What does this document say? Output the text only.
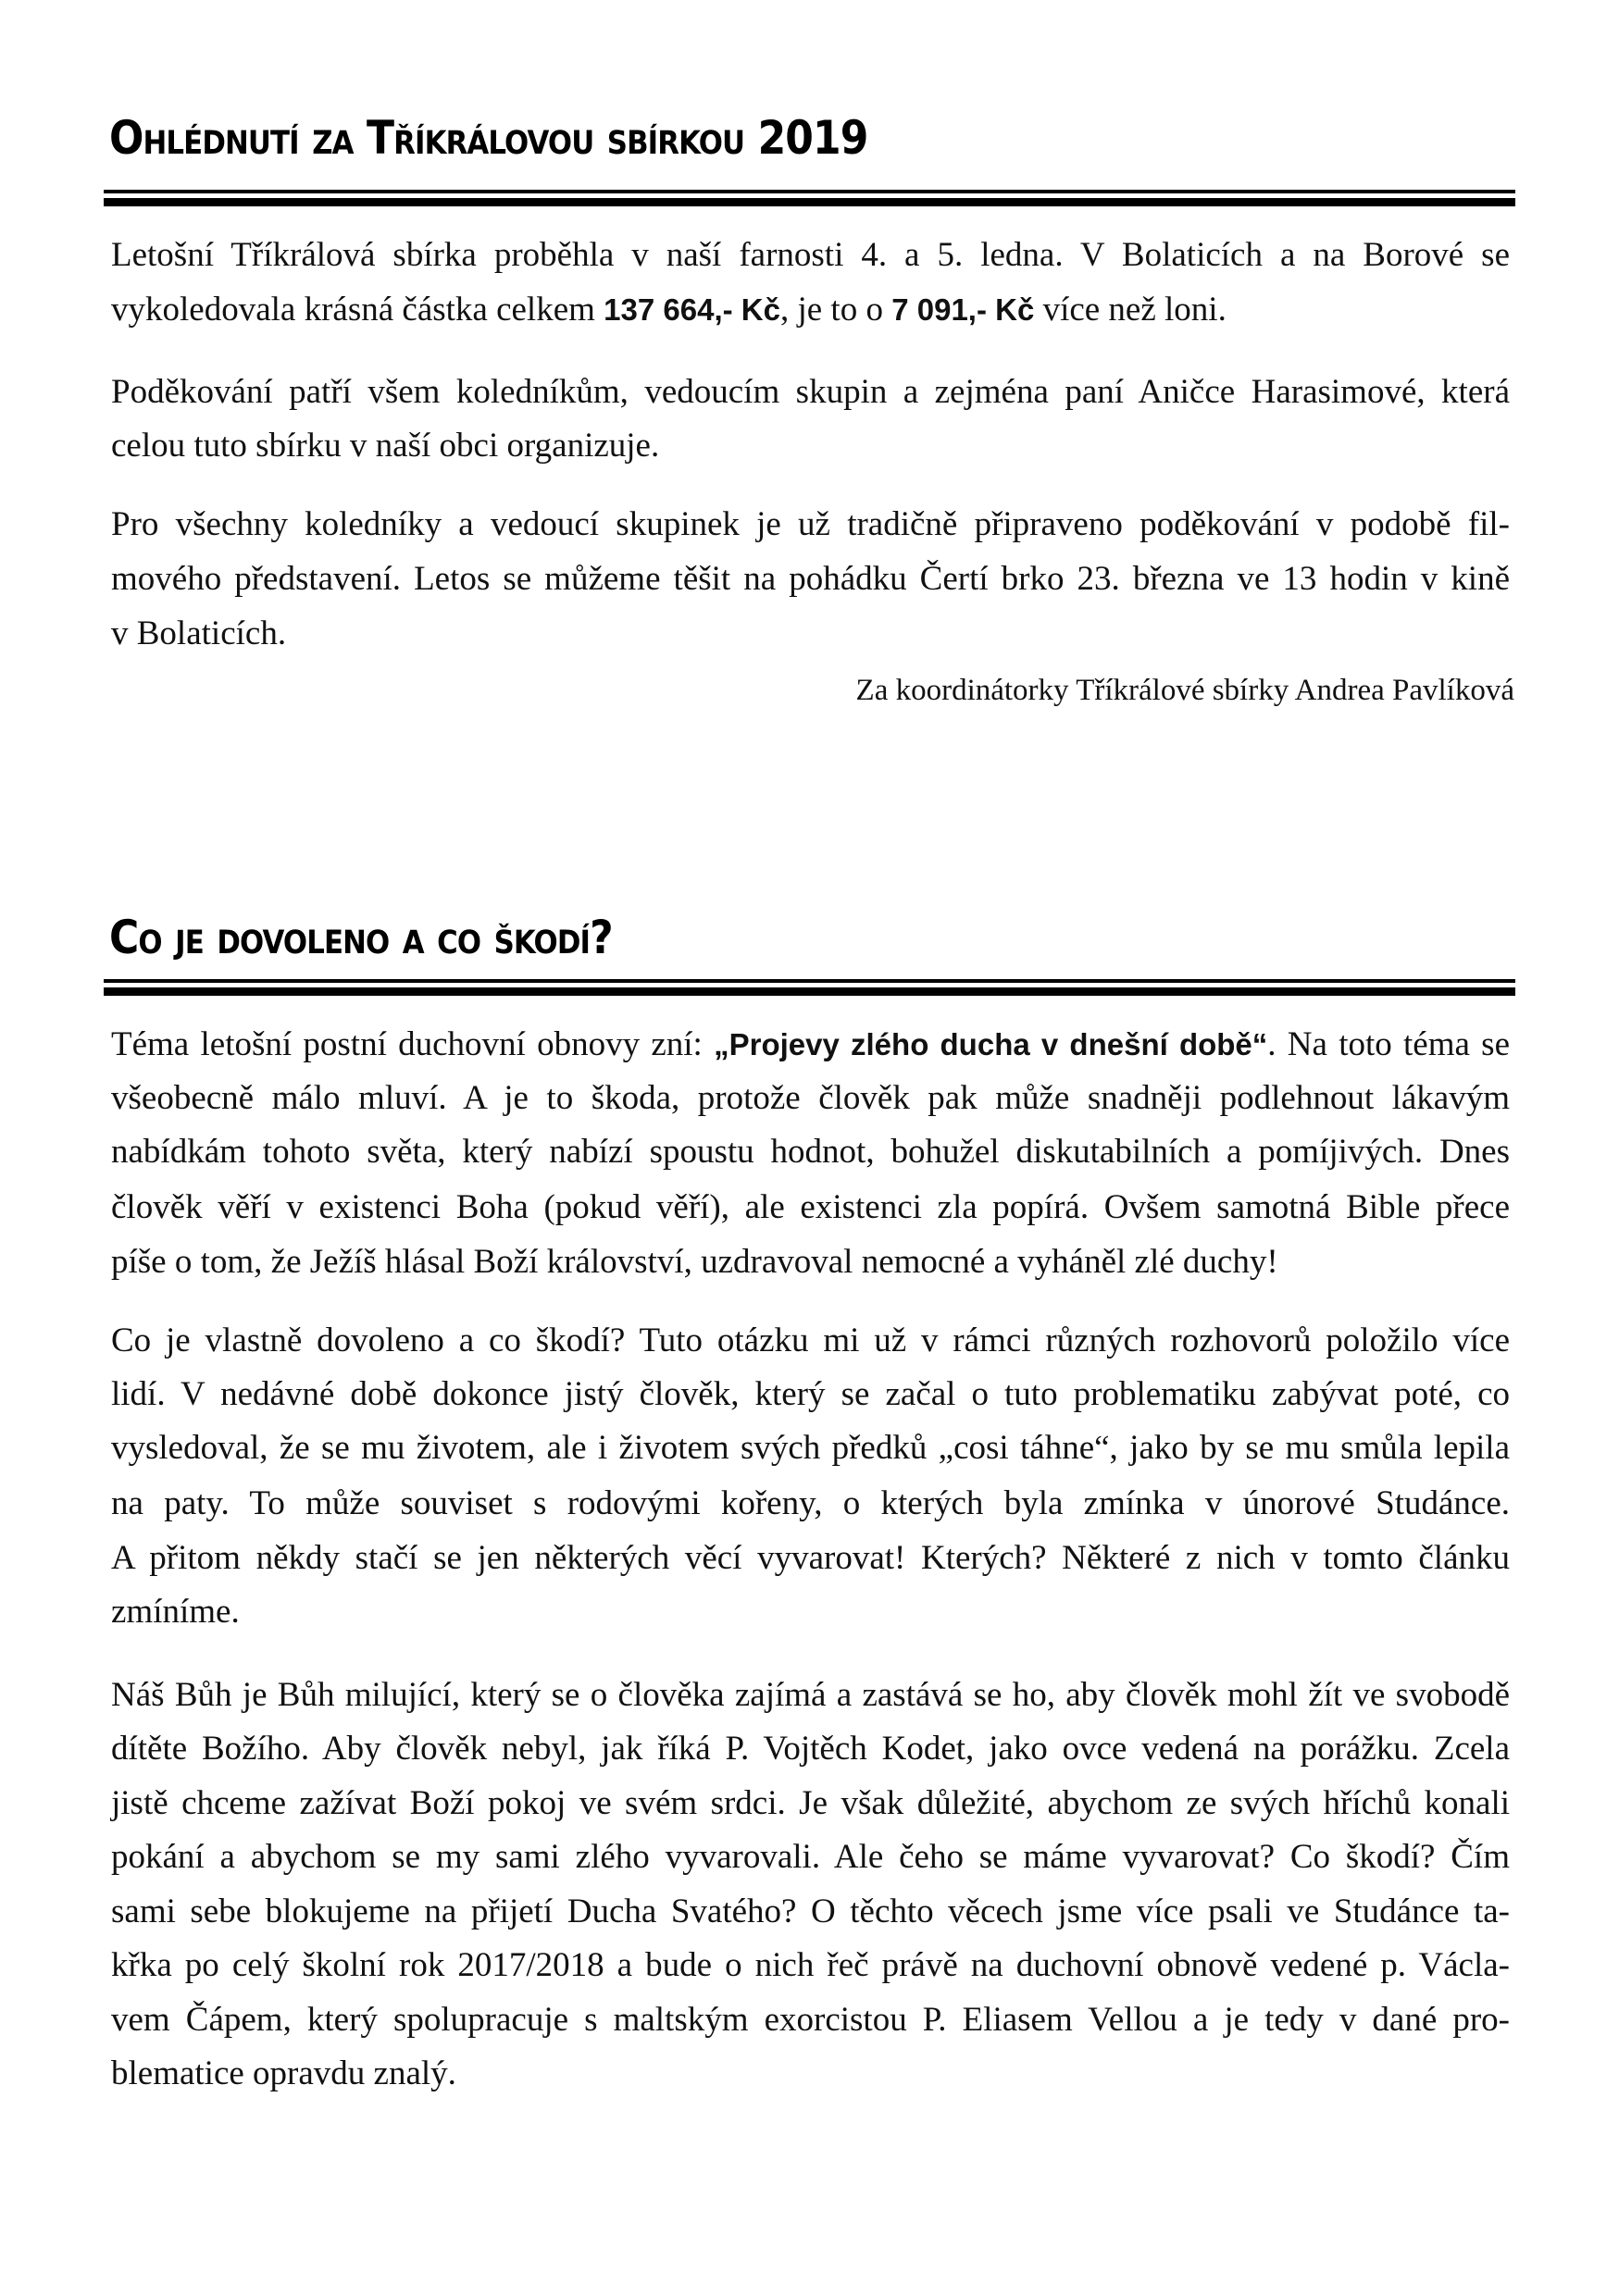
Ohlédnutí za Tříkrálovou sbírkou 2019
Letošní Tříkrálová sbírka proběhla v naší farnosti 4. a 5. ledna. V Bolaticích a na Borové se
vykoledovala krásná částka celkem 137 664,- Kč, je to o 7 091,- Kč více než loni.
Poděkování patří všem koledníkům, vedoucím skupin a zejména paní Aničce Harasimové, která
celou tuto sbírku v naší obci organizuje.
Pro všechny koledníky a vedoucí skupinek je už tradičně připraveno poděkování v podobě fil-
mového představení. Letos se můžeme těšit na pohádku Čertí brko 23. března ve 13 hodin v kině
v Bolaticích.
Za koordinátorky Tříkrálové sbírky Andrea Pavlíková
Co je dovoleno a co škodí?
Téma letošní postní duchovní obnovy zní: „Projevy zlého ducha v dnešní době“. Na toto téma se
všeobecně málo mluví. A je to škoda, protože člověk pak může snadněji podlehnout lákavým
nabídkám tohoto světa, který nabízí spoustu hodnot, bohužel diskutabilních a pomíjivých. Dnes
člověk věří v existenci Boha (pokud věří), ale existenci zla popírá. Ovšem samotná Bible přece
píše o tom, že Ježíš hlásal Boží království, uzdravoval nemocné a vyháněl zlé duchy!
Co je vlastně dovoleno a co škodí? Tuto otázku mi už v rámci různých rozhovorů položilo více
lidí. V nedávné době dokonce jistý člověk, který se začal o tuto problematiku zabývat poté, co
vysledoval, že se mu životem, ale i životem svých předků „cosi táhne“, jako by se mu smůla lepila
na paty. To může souviset s rodovými kořeny, o kterých byla zmínka v únorové Studánce.
A přitom někdy stačí se jen některých věcí vyvarovat! Kterých? Některé z nich v tomto článku
zmíníme.
Náš Bůh je Bůh milující, který se o člověka zajímá a zastává se ho, aby člověk mohl žít ve svobodě
dítěte Božího. Aby člověk nebyl, jak říká P. Vojtěch Kodet, jako ovce vedená na porážku. Zcela
jistě chceme zažívat Boží pokoj ve svém srdci. Je však důležité, abychom ze svých hříchů konali
pokání a abychom se my sami zlého vyvarovali. Ale čeho se máme vyvarovat? Co škodí? Čím
sami sebe blokujeme na přijetí Ducha Svatého? O těchto věcech jsme více psali ve Studánce ta-
křka po celý školní rok 2017/2018 a bude o nich řeč právě na duchovní obnově vedené p. Václa-
vem Čápem, který spolupracuje s maltským exorcistou P. Eliasem Vellou a je tedy v dané pro-
blematice opravdu znalý.
